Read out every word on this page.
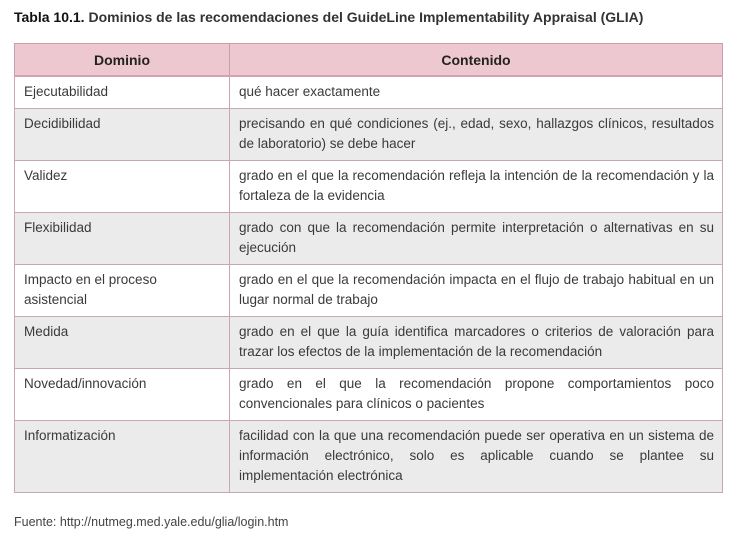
Tabla 10.1. Dominios de las recomendaciones del GuideLine Implementability Appraisal (GLIA)
Dominio	Contenido
Ejecutabilidad	qué hacer exactamente
Decidibilidad	precisando en qué condiciones (ej., edad, sexo, hallazgos clínicos, resultados de laboratorio) se debe hacer
Validez	grado en el que la recomendación refleja la intención de la recomendación y la fortaleza de la evidencia
Flexibilidad	grado con que la recomendación permite interpretación o alternativas en su ejecución
Impacto en el proceso asistencial	grado en el que la recomendación impacta en el flujo de trabajo habitual en un lugar normal de trabajo
Medida	grado en el que la guía identifica marcadores o criterios de valoración para trazar los efectos de la implementación de la recomendación
Novedad/innovación	grado en el que la recomendación propone comportamientos poco convencionales para clínicos o pacientes
Informatización	facilidad con la que una recomendación puede ser operativa en un sistema de información electrónico, solo es aplicable cuando se plantee su implementación electrónica
Fuente: http://nutmeg.med.yale.edu/glia/login.htm
